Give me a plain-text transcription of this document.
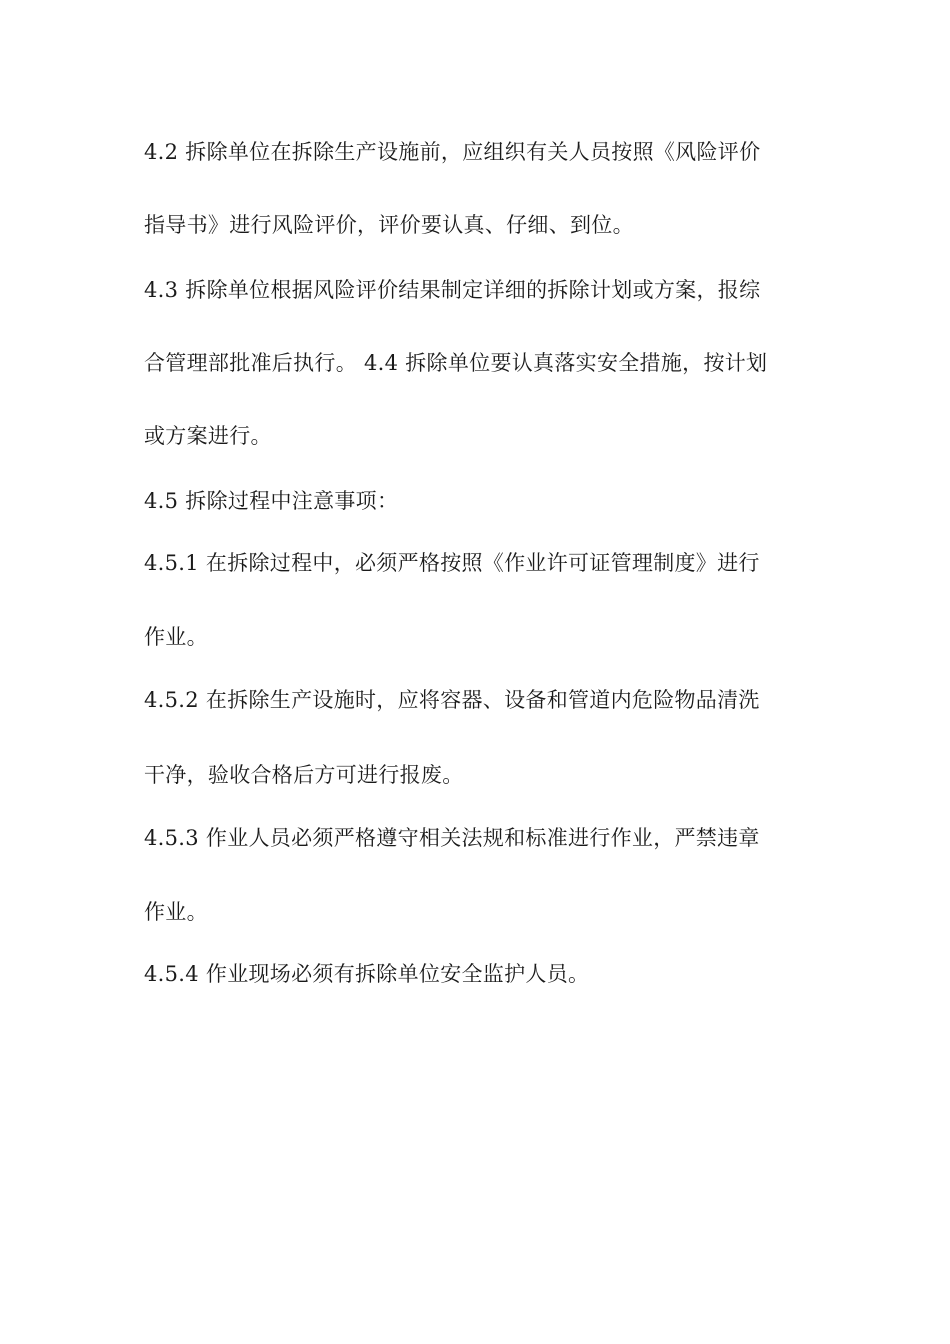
4.2 拆除单位在拆除生产设施前，应组织有关人员按照《风险评价

指导书》进行风险评价，评价要认真、仔细、到位。

4.3 拆除单位根据风险评价结果制定详细的拆除计划或方案，报综

合管理部批准后执行。 4.4 拆除单位要认真落实安全措施，按计划

或方案进行。

4.5 拆除过程中注意事项：

4.5.1 在拆除过程中，必须严格按照《作业许可证管理制度》进行

作业。

4.5.2 在拆除生产设施时，应将容器、设备和管道内危险物品清洗

干净，验收合格后方可进行报废。

4.5.3 作业人员必须严格遵守相关法规和标准进行作业，严禁违章

作业。

4.5.4 作业现场必须有拆除单位安全监护人员。
